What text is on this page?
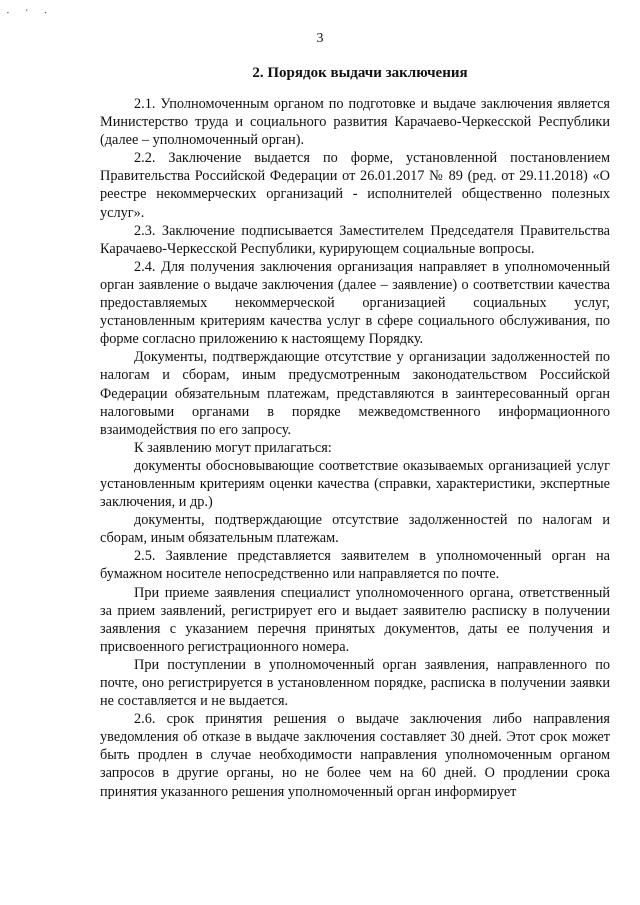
⠄ ⠂ ⠄
3
2. Порядок выдачи заключения

2.1. Уполномоченным органом по подготовке и выдаче заключения является Министерство труда и социального развития Карачаево-Черкесской Республики (далее – уполномоченный орган).

2.2. Заключение выдается по форме, установленной постановлением Правительства Российской Федерации от 26.01.2017 № 89 (ред. от 29.11.2018) «О реестре некоммерческих организаций - исполнителей общественно полезных услуг».

2.3. Заключение подписывается Заместителем Председателя Правительства Карачаево-Черкесской Республики, курирующем социальные вопросы.

2.4. Для получения заключения организация направляет в уполномоченный орган заявление о выдаче заключения (далее – заявление) о соответствии качества предоставляемых некоммерческой организацией социальных услуг, установленным критериям качества услуг в сфере социального обслуживания, по форме согласно приложению к настоящему Порядку.

Документы, подтверждающие отсутствие у организации задолженностей по налогам и сборам, иным предусмотренным законодательством Российской Федерации обязательным платежам, представляются в заинтересованный орган налоговыми органами в порядке межведомственного информационного взаимодействия по его запросу.

К заявлению могут прилагаться:

документы обосновывающие соответствие оказываемых организацией услуг установленным критериям оценки качества (справки, характеристики, экспертные заключения, и др.)

документы, подтверждающие отсутствие задолженностей по налогам и сборам, иным обязательным платежам.

2.5. Заявление представляется заявителем в уполномоченный орган на бумажном носителе непосредственно или направляется по почте.

При приеме заявления специалист уполномоченного органа, ответственный за прием заявлений, регистрирует его и выдает заявителю расписку в получении заявления с указанием перечня принятых документов, даты ее получения и присвоенного регистрационного номера.

При поступлении в уполномоченный орган заявления, направленного по почте, оно регистрируется в установленном порядке, расписка в получении заявки не составляется и не выдается.

2.6. срок принятия решения о выдаче заключения либо направления уведомления об отказе в выдаче заключения составляет 30 дней. Этот срок может быть продлен в случае необходимости направления уполномоченным органом запросов в другие органы, но не более чем на 60 дней. О продлении срока принятия указанного решения уполномоченный орган информирует
